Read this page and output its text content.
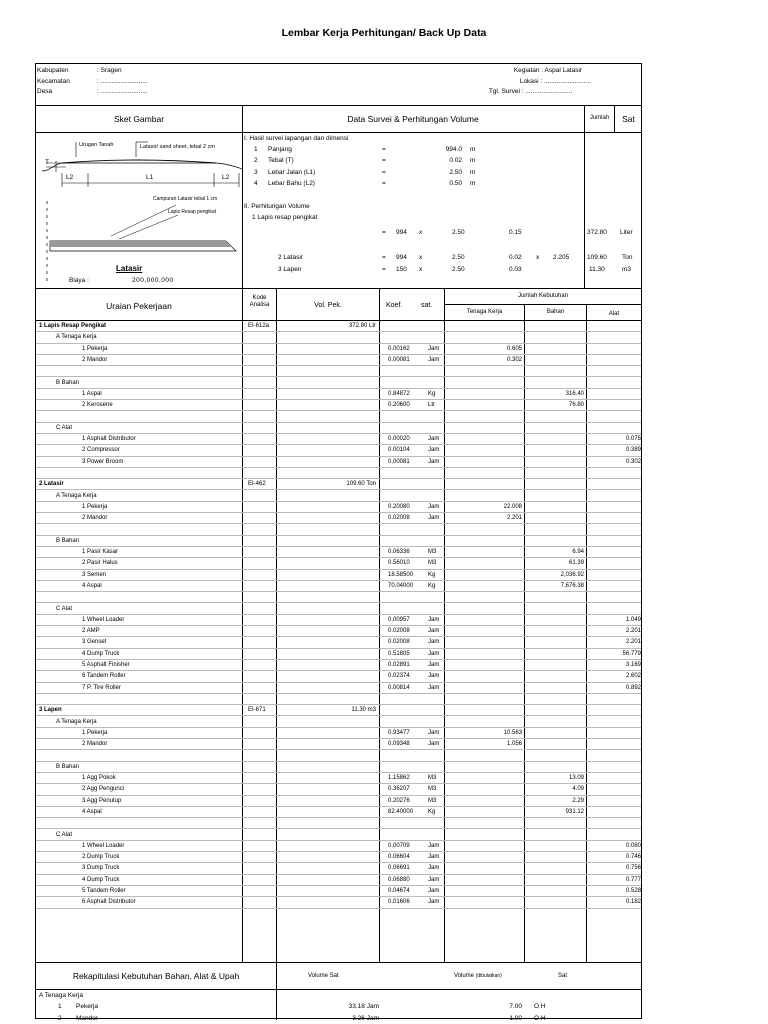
Lembar Kerja Perhitungan/ Back Up Data
Kabupaten	: Sragen
Kecamatan	: ..........................
Desa	: ..........................
Kegiatan : Aspal Latasir
Lokasi : ..........................
Tgl. Survei : ..........................
Sket Gambar	Data Survei & Perhitungan Volume	Jumlah	Sat
Urugan Tanah	Latasir/ sand sheet, tebal 2 cm
T
L2	L1	L2
Campuran Latasir tebal 1 cm
Lapis Resap pengikat
Latasir
Biaya :	200,000,000
I. Hasil survei lapangan dan dimensi
1 Panjang	=	994.0 m
2 Tebal (T)	=	0.02 m
3 Lebar Jalan (L1)	=	2.50 m
4 Lebar Bahu (L2)	=	0.50 m
II. Perhitungan Volume
1 Lapis resap pengikat
= 994 x	2.50	0.15	372.80 Liter
2 Latasir	= 994 x	2.50	0.02 x 2.205	109.60 Ton
3 Lapen	= 150 x	2.50	0.03	11.30	m3
Uraian Pekerjaan
Kode Analisa	Vol. Pek.	Koef.	sat.
Jumlah Kebutuhan
Tenaga Kerja	Bahan	Alat
1 Lapis Resap Pengikat	EI-612a	372.80 Ltr
A Tenaga Kerja
1 Pekerja	0.00162	Jam	0.605
2 Mandor	0.00081	Jam	0.302
B Bahan
1 Aspal	0.84872	Kg	316.40
2 Kerosene	0.20600	Ltr	76.80
C Alat
1 Asphalt Distributor	0.00020	Jam	0.075
2 Compressor	0.00104	Jam	0.389
3 Power Broom	0.00081	Jam	0.302
2 Latasir	EI-462	109.60 Ton
A Tenaga Kerja
1 Pekerja	0.20080	Jam	22.008
2 Mandor	0.02008	Jam	2.201
B Bahan
1 Pasir Kasar	0.06336	M3	6.94
2 Pasir Halus	0.56010	M3	61.39
3 Semen	18.58500 Kg	2,036.92
4 Aspal	70.04000 Kg	7,676.38
C Alat
1 Wheel Loader	0.00957	Jam	1.049
2 AMP	0.02008	Jam	2.201
3 Genset	0.02008	Jam	2.201
4 Dump Truck	0.51805	Jam	56.779
5 Asphalt Finisher	0.02891	Jam	3.169
6 Tandem Roller	0.02374	Jam	2.602
7 P. Tire Roller	0.00814	Jam	0.892
3 Lapen	EI-671	11.30 m3
A Tenaga Kerja
1 Pekerja	0.93477	Jam	10.563
2 Mandor	0.09348	Jam	1.056
B Bahan
1 Agg Pokok	1.15862	M3	13.09
2 Agg Pengunci	0.36207	M3	4.09
3 Agg Penutup	0.20276	M3	2.29
4 Aspal	82.40000 Kg	931.12
C Alat
1 Wheel Loader	0.00709	Jam	0.080
2 Dump Truck	0.06604	Jam	0.746
3 Dump Truck	0.06691	Jam	0.756
4 Dump Truck	0.06880	Jam	0.777
5 Tandem Roller	0.04674	Jam	0.528
6 Asphalt Distributor	0.01606	Jam	0.182
Rekapitulasi Kebutuhan Bahan, Alat & Upah	Volume Sat	Volume (dibulatkan)	Sat
A Tenaga Kerja
1	Pekerja	33.18 Jam	7.00 O H
2	Mandor	3.26 Jam	1.00 O H
